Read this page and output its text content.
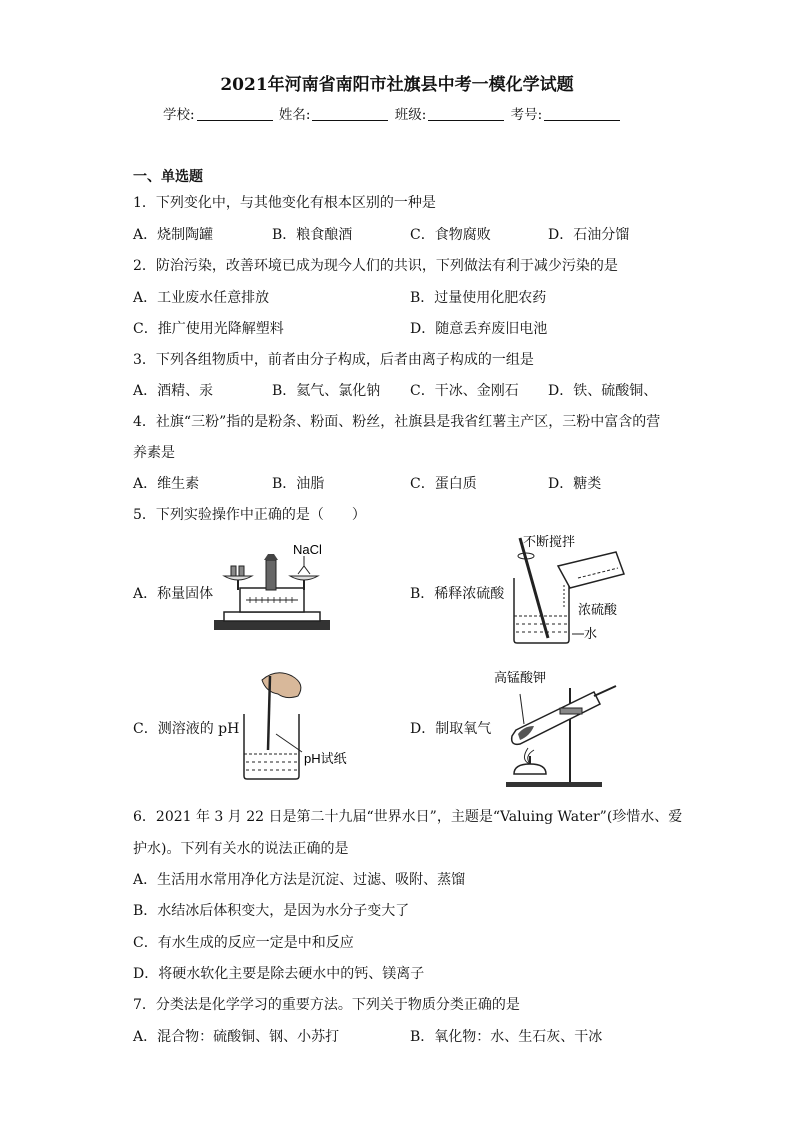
2021年河南省南阳市社旗县中考一模化学试题
学校:	姓名:	班级:	考号:
一、单选题
1．下列变化中，与其他变化有根本区别的一种是
A．烧制陶罐	B．粮食酿酒	C．食物腐败	D．石油分馏
2．防治污染，改善环境已成为现今人们的共识，下列做法有利于减少污染的是
A．工业废水任意排放	B．过量使用化肥农药
C．推广使用光降解塑料	D．随意丢弃废旧电池
3．下列各组物质中，前者由分子构成，后者由离子构成的一组是
A．酒精、汞	B．氦气、氯化钠 C．干冰、金刚石 D．铁、硫酸铜、
4．社旗“三粉”指的是粉条、粉面、粉丝，社旗县是我省红薯主产区，三粉中富含的营
养素是
A．维生素	B．油脂	C．蛋白质	D．糖类
5．下列实验操作中正确的是（　　）
A．称量固体
NaCl
B．稀释浓硫酸
不断搅拌
浓硫酸
水
C．测溶液的 pH
pH试纸
D．制取氧气
高锰酸钾
6．2021 年 3 月 22 日是第二十九届“世界水日”，主题是“Valuing Water”(珍惜水、爱
护水)。下列有关水的说法正确的是
A．生活用水常用净化方法是沉淀、过滤、吸附、蒸馏
B．水结冰后体积变大，是因为水分子变大了
C．有水生成的反应一定是中和反应
D．将硬水软化主要是除去硬水中的钙、镁离子
7．分类法是化学学习的重要方法。下列关于物质分类正确的是
A．混合物：硫酸铜、钢、小苏打	B．氧化物：水、生石灰、干冰
